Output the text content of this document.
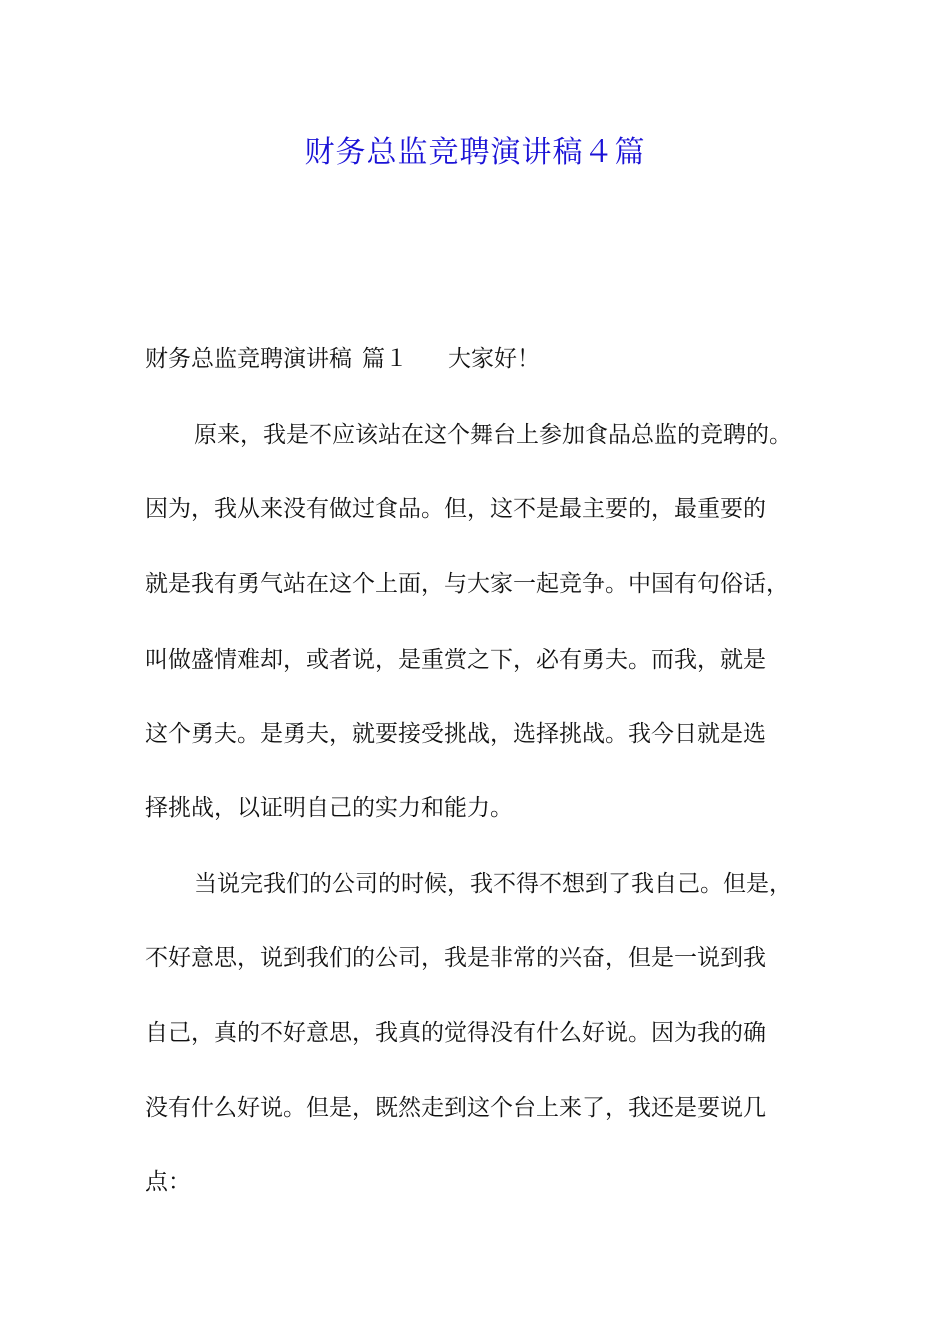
财务总监竞聘演讲稿４篇

财务总监竞聘演讲稿 篇１ 大家好！

原来，我是不应该站在这个舞台上参加食品总监的竞聘的。

因为，我从来没有做过食品。但，这不是最主要的，最重要的

就是我有勇气站在这个上面，与大家一起竞争。中国有句俗话，

叫做盛情难却，或者说，是重赏之下，必有勇夫。而我，就是

这个勇夫。是勇夫，就要接受挑战，选择挑战。我今日就是选

择挑战，以证明自己的实力和能力。

当说完我们的公司的时候，我不得不想到了我自己。但是，

不好意思，说到我们的公司，我是非常的兴奋，但是一说到我

自己，真的不好意思，我真的觉得没有什么好说。因为我的确

没有什么好说。但是，既然走到这个台上来了，我还是要说几

点：
